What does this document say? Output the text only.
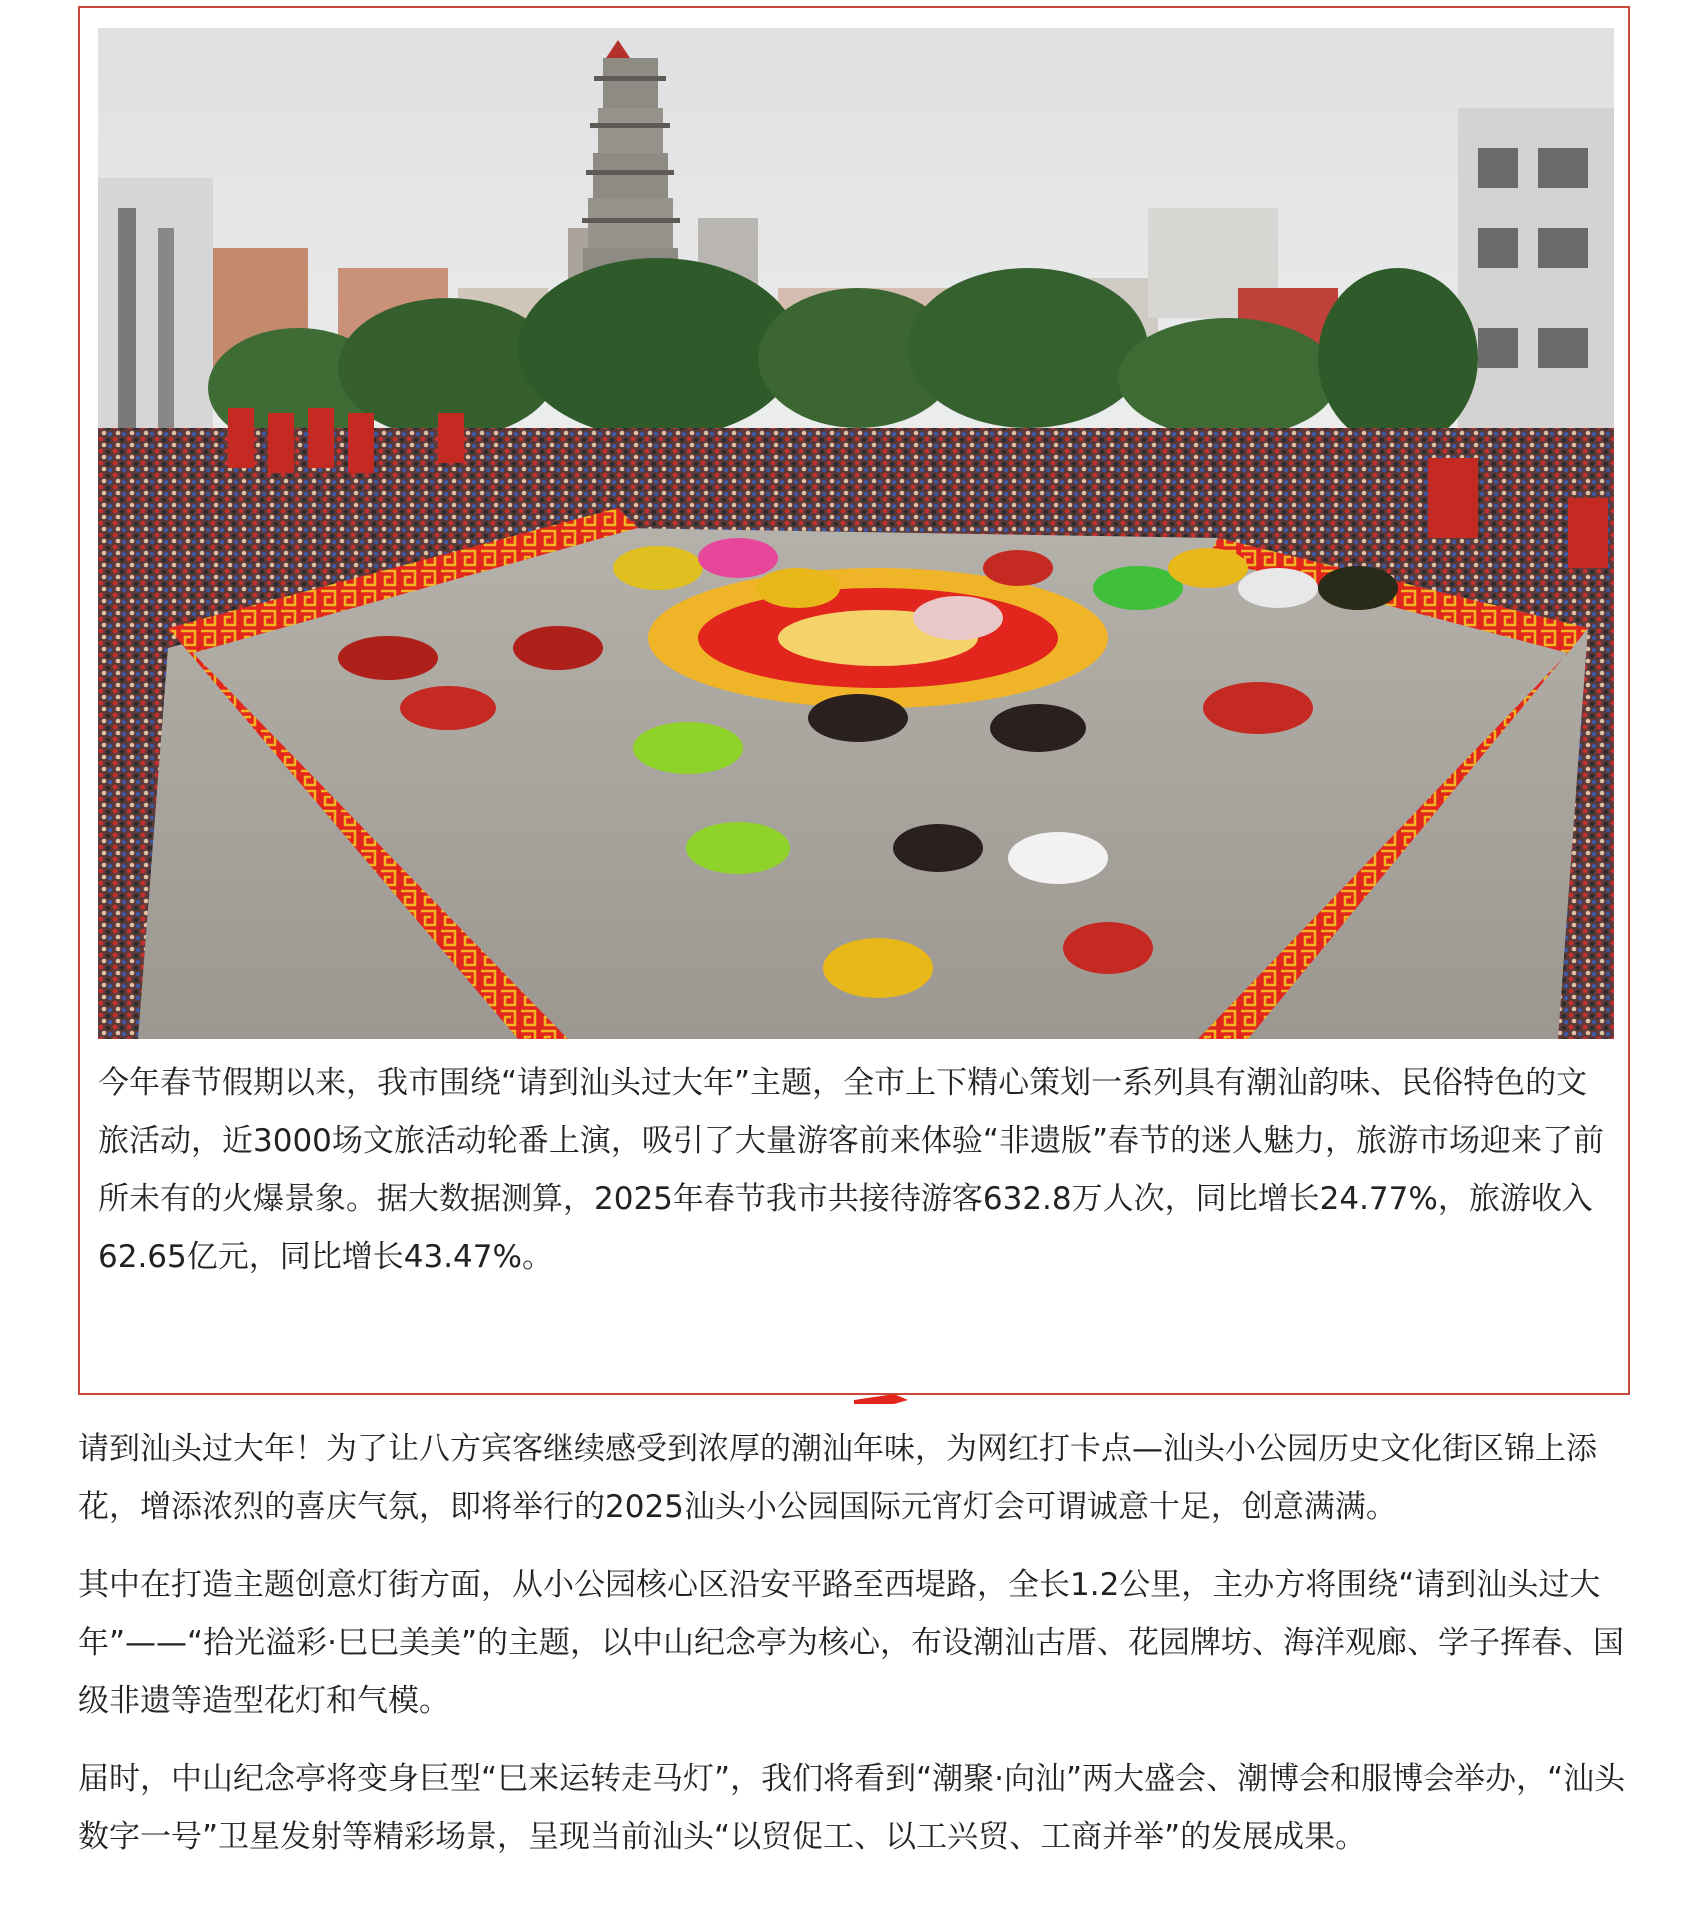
今年春节假期以来，我市围绕“请到汕头过大年”主题，全市上下精心策划一系列具有潮汕韵味、民俗特色的文旅活动，近3000场文旅活动轮番上演，吸引了大量游客前来体验“非遗版”春节的迷人魅力，旅游市场迎来了前所未有的火爆景象。据大数据测算，2025年春节我市共接待游客632.8万人次，同比增长24.77%，旅游收入62.65亿元，同比增长43.47%。

请到汕头过大年！为了让八方宾客继续感受到浓厚的潮汕年味，为网红打卡点—汕头小公园历史文化街区锦上添花，增添浓烈的喜庆气氛，即将举行的2025汕头小公园国际元宵灯会可谓诚意十足，创意满满。

其中在打造主题创意灯街方面，从小公园核心区沿安平路至西堤路，全长1.2公里，主办方将围绕“请到汕头过大年”——“拾光溢彩·巳巳美美”的主题，以中山纪念亭为核心，布设潮汕古厝、花园牌坊、海洋观廊、学子挥春、国级非遗等造型花灯和气模。

届时，中山纪念亭将变身巨型“巳来运转走马灯”，我们将看到“潮聚·向汕”两大盛会、潮博会和服博会举办，“汕头数字一号”卫星发射等精彩场景，呈现当前汕头“以贸促工、以工兴贸、工商并举”的发展成果。
